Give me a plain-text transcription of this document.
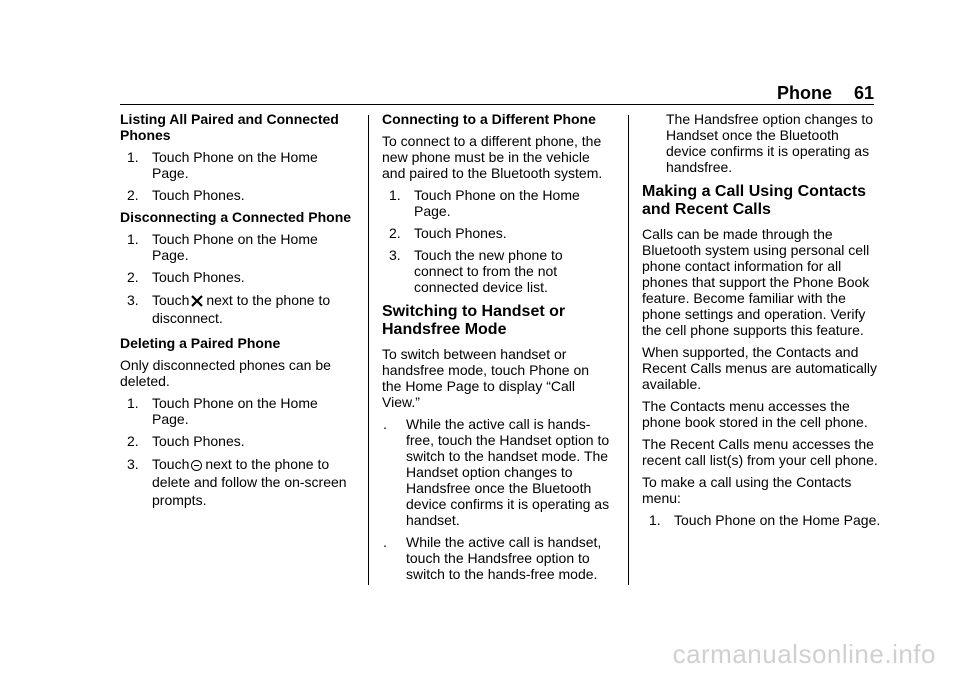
Phone 61
Listing All Paired and Connected Phones
1. Touch Phone on the Home Page.
2. Touch Phones.
Disconnecting a Connected Phone
1. Touch Phone on the Home Page.
2. Touch Phones.
3. Touch next to the phone to disconnect.
Deleting a Paired Phone

Only disconnected phones can be deleted.

1. Touch Phone on the Home Page.
2. Touch Phones.
3. Touch next to the phone to delete and follow the on-screen prompts.
Connecting to a Different Phone

To connect to a different phone, the new phone must be in the vehicle and paired to the Bluetooth system.

1. Touch Phone on the Home Page.
2. Touch Phones.
3. Touch the new phone to connect to from the not connected device list.
Switching to Handset or Handsfree Mode

To switch between handset or handsfree mode, touch Phone on the Home Page to display “Call View.”

. While the active call is hands-free, touch the Handset option to switch to the handset mode. The Handset option changes to Handsfree once the Bluetooth device confirms it is operating as handset.
. While the active call is handset, touch the Handsfree option to switch to the hands-free mode.
The Handsfree option changes to Handset once the Bluetooth device confirms it is operating as handsfree.
Making a Call Using Contacts and Recent Calls

Calls can be made through the Bluetooth system using personal cell phone contact information for all phones that support the Phone Book feature. Become familiar with the phone settings and operation. Verify the cell phone supports this feature.

When supported, the Contacts and Recent Calls menus are automatically available.

The Contacts menu accesses the phone book stored in the cell phone.

The Recent Calls menu accesses the recent call list(s) from your cell phone.

To make a call using the Contacts menu:

1. Touch Phone on the Home Page.
carmanualsonline.info
